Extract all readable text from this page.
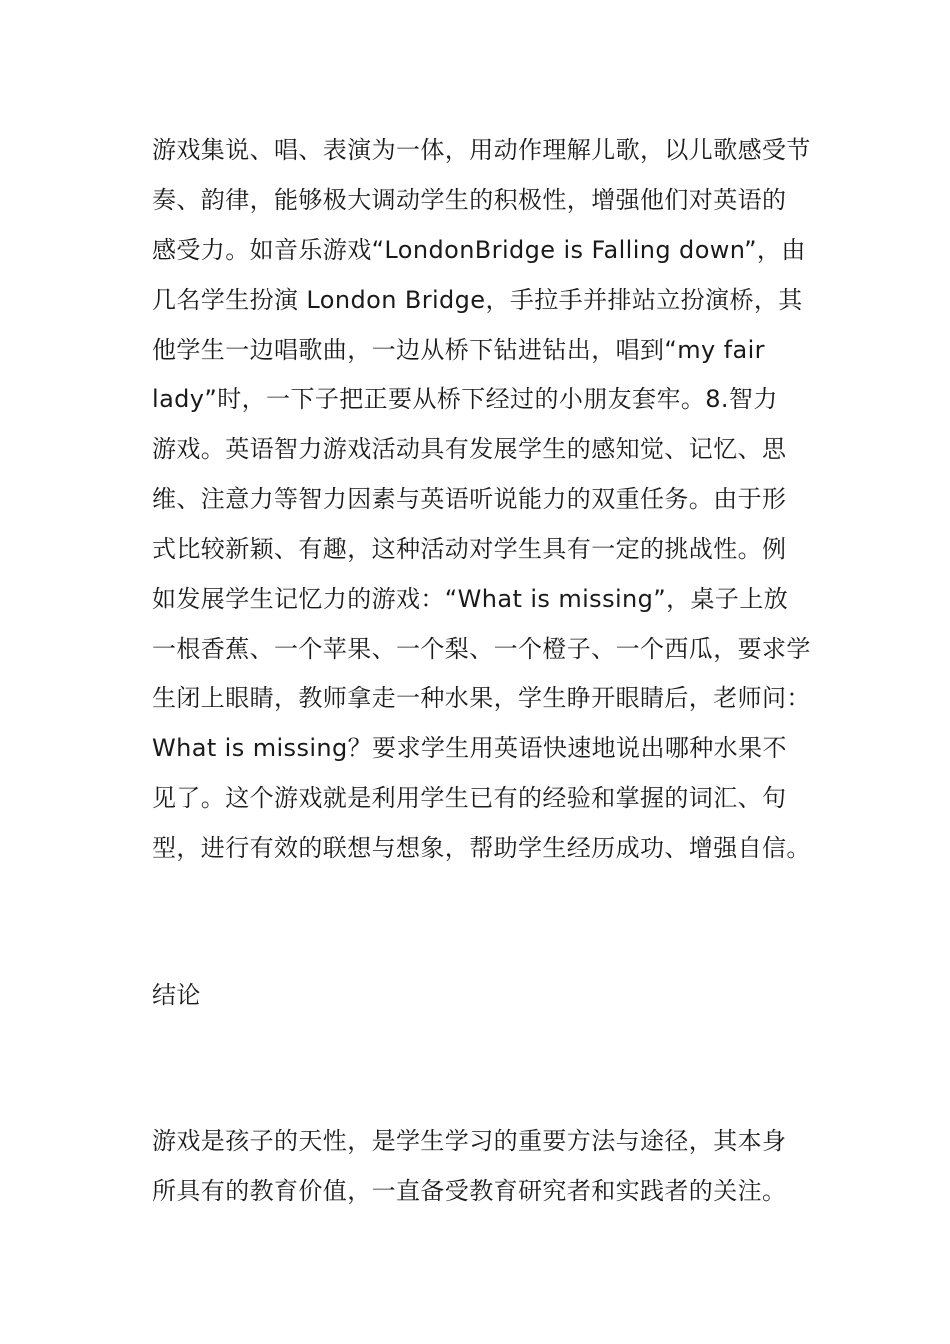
游戏集说、唱、表演为一体，用动作理解儿歌，以儿歌感受节
奏、韵律，能够极大调动学生的积极性，增强他们对英语的
感受力。如音乐游戏“LondonBridge is Falling down”，由
几名学生扮演 London Bridge，手拉手并排站立扮演桥，其
他学生一边唱歌曲，一边从桥下钻进钻出，唱到“my fair
lady”时，一下子把正要从桥下经过的小朋友套牢。8.智力
游戏。英语智力游戏活动具有发展学生的感知觉、记忆、思
维、注意力等智力因素与英语听说能力的双重任务。由于形
式比较新颖、有趣，这种活动对学生具有一定的挑战性。例
如发展学生记忆力的游戏：“What is missing”，桌子上放
一根香蕉、一个苹果、一个梨、一个橙子、一个西瓜，要求学
生闭上眼睛，教师拿走一种水果，学生睁开眼睛后，老师问：
What is missing？要求学生用英语快速地说出哪种水果不
见了。这个游戏就是利用学生已有的经验和掌握的词汇、句
型，进行有效的联想与想象，帮助学生经历成功、增强自信。
结论
游戏是孩子的天性，是学生学习的重要方法与途径，其本身
所具有的教育价值，一直备受教育研究者和实践者的关注。
